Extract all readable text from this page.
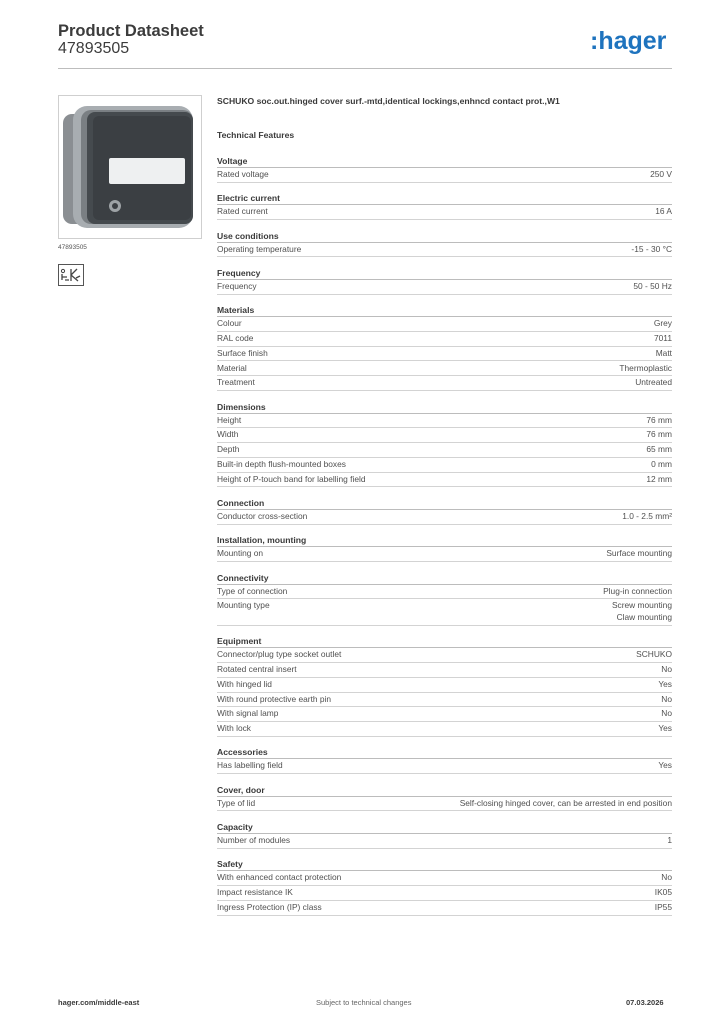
Product Datasheet
47893505	:hager
47893505
SCHUKO soc.out.hinged cover surf.-mtd,identical lockings,enhncd contact prot.,W1
Technical Features
Voltage
Rated voltage	250 V
Electric current
Rated current	16 A
Use conditions
Operating temperature	-15 - 30 °C
Frequency
Frequency	50 - 50 Hz
Materials
Colour	Grey
RAL code	7011
Surface finish	Matt
Material	Thermoplastic
Treatment	Untreated
Dimensions
Height	76 mm
Width	76 mm
Depth	65 mm
Built-in depth flush-mounted boxes	0 mm
Height of P-touch band for labelling field	12 mm
Connection
Conductor cross-section	1.0 - 2.5 mm²
Installation, mounting
Mounting on	Surface mounting
Connectivity
Type of connection	Plug-in connection
Mounting type	Screw mounting
Claw mounting
Equipment
Connector/plug type socket outlet	SCHUKO
Rotated central insert	No
With hinged lid	Yes
With round protective earth pin	No
With signal lamp	No
With lock	Yes
Accessories
Has labelling field	Yes
Cover, door
Type of lid	Self-closing hinged cover, can be arrested in end position
Capacity
Number of modules	1
Safety
With enhanced contact protection	No
Impact resistance IK	IK05
Ingress Protection (IP) class	IP55
hager.com/middle-east	Subject to technical changes	07.03.2026
